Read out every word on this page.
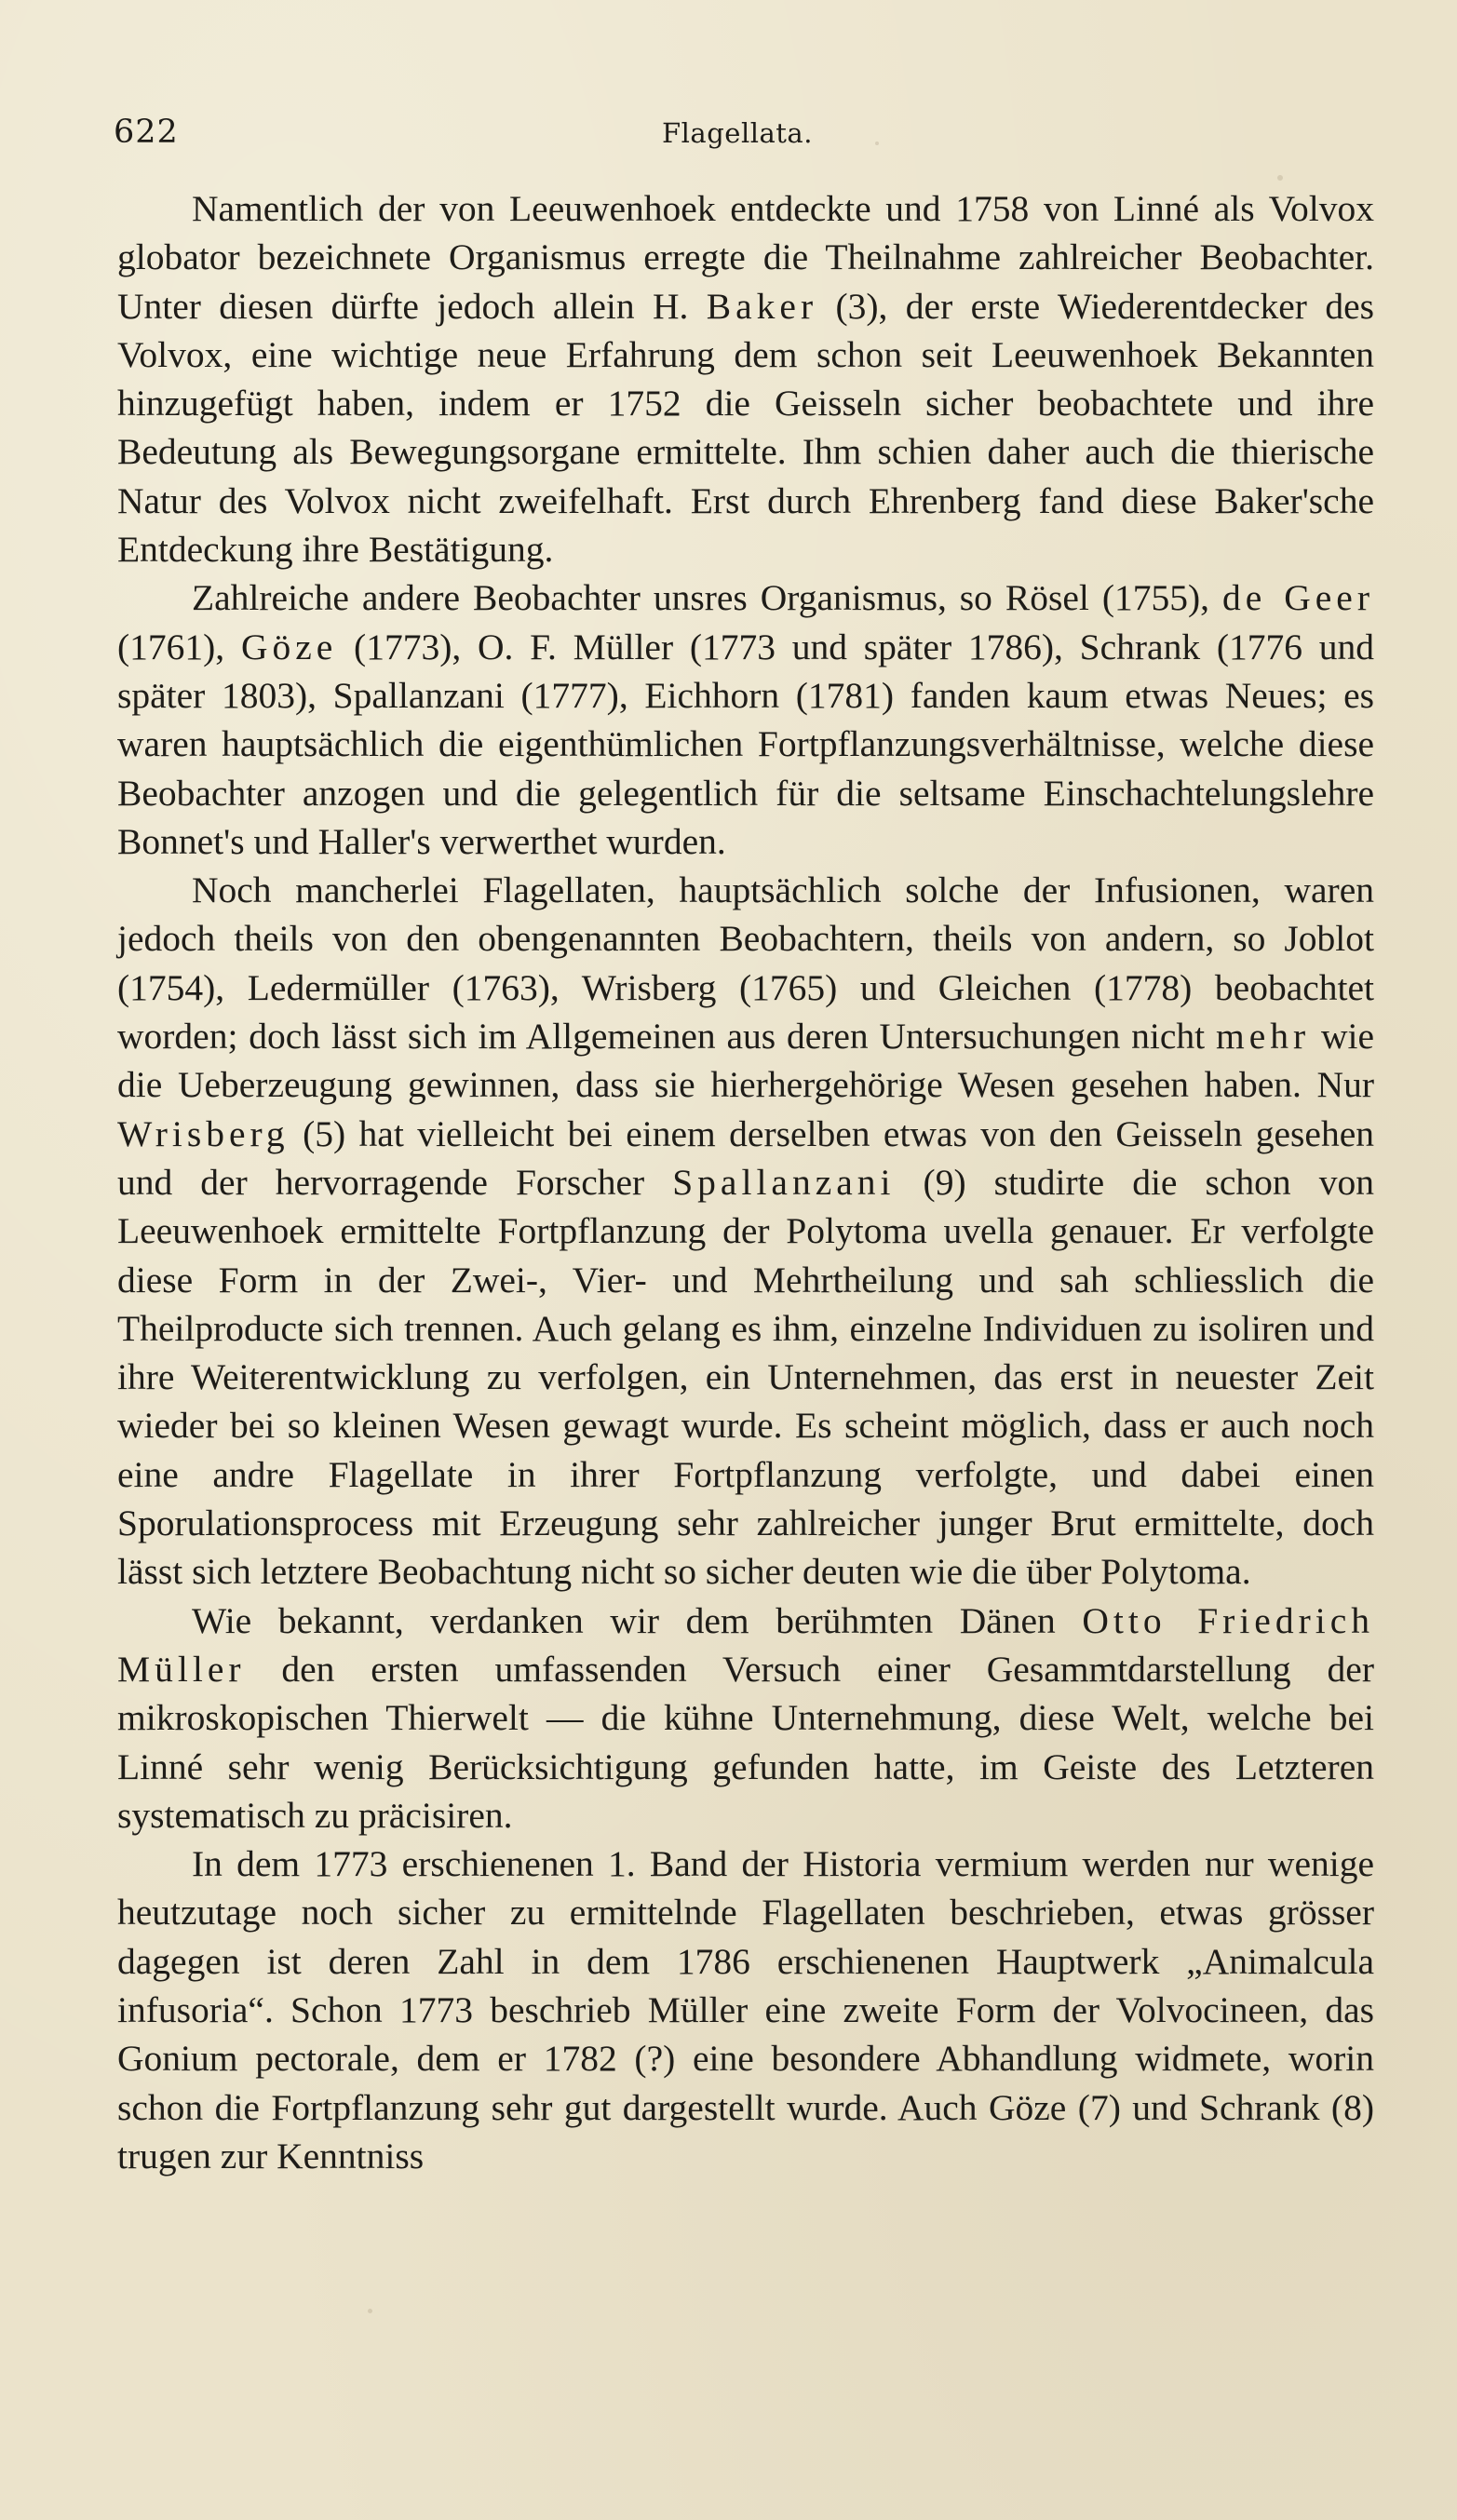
622	Flagellata.

Namentlich der von Leeuwenhoek entdeckte und 1758 von Linné als Volvox globator bezeichnete Organismus erregte die Theilnahme zahlreicher Beobachter. Unter diesen dürfte jedoch allein H. Baker (3), der erste Wiederentdecker des Volvox, eine wichtige neue Erfahrung dem schon seit Leeuwenhoek Bekannten hinzugefügt haben, indem er 1752 die Geisseln sicher beobachtete und ihre Bedeutung als Bewegungsorgane ermittelte. Ihm schien daher auch die thierische Natur des Volvox nicht zweifelhaft. Erst durch Ehrenberg fand diese Baker'sche Entdeckung ihre Bestätigung.

Zahlreiche andere Beobachter unsres Organismus, so Rösel (1755), de Geer (1761), Göze (1773), O. F. Müller (1773 und später 1786), Schrank (1776 und später 1803), Spallanzani (1777), Eichhorn (1781) fanden kaum etwas Neues; es waren hauptsächlich die eigenthümlichen Fortpflanzungsverhältnisse, welche diese Beobachter anzogen und die gelegentlich für die seltsame Einschachtelungslehre Bonnet's und Haller's verwerthet wurden.

Noch mancherlei Flagellaten, hauptsächlich solche der Infusionen, waren jedoch theils von den obengenannten Beobachtern, theils von andern, so Joblot (1754), Ledermüller (1763), Wrisberg (1765) und Gleichen (1778) beobachtet worden; doch lässt sich im Allgemeinen aus deren Untersuchungen nicht mehr wie die Ueberzeugung gewinnen, dass sie hierhergehörige Wesen gesehen haben. Nur Wrisberg (5) hat vielleicht bei einem derselben etwas von den Geisseln gesehen und der hervorragende Forscher Spallanzani (9) studirte die schon von Leeuwenhoek ermittelte Fortpflanzung der Polytoma uvella genauer. Er verfolgte diese Form in der Zwei-, Vier- und Mehrtheilung und sah schliesslich die Theilproducte sich trennen. Auch gelang es ihm, einzelne Individuen zu isoliren und ihre Weiterentwicklung zu verfolgen, ein Unternehmen, das erst in neuester Zeit wieder bei so kleinen Wesen gewagt wurde. Es scheint möglich, dass er auch noch eine andre Flagellate in ihrer Fortpflanzung verfolgte, und dabei einen Sporulationsprocess mit Erzeugung sehr zahlreicher junger Brut ermittelte, doch lässt sich letztere Beobachtung nicht so sicher deuten wie die über Polytoma.

Wie bekannt, verdanken wir dem berühmten Dänen Otto Friedrich Müller den ersten umfassenden Versuch einer Gesammtdarstellung der mikroskopischen Thierwelt — die kühne Unternehmung, diese Welt, welche bei Linné sehr wenig Berücksichtigung gefunden hatte, im Geiste des Letzteren systematisch zu präcisiren.

In dem 1773 erschienenen 1. Band der Historia vermium werden nur wenige heutzutage noch sicher zu ermittelnde Flagellaten beschrieben, etwas grösser dagegen ist deren Zahl in dem 1786 erschienenen Hauptwerk „Animalcula infusoria“. Schon 1773 beschrieb Müller eine zweite Form der Volvocineen, das Gonium pectorale, dem er 1782 (?) eine besondere Abhandlung widmete, worin schon die Fortpflanzung sehr gut dargestellt wurde. Auch Göze (7) und Schrank (8) trugen zur Kenntniss
